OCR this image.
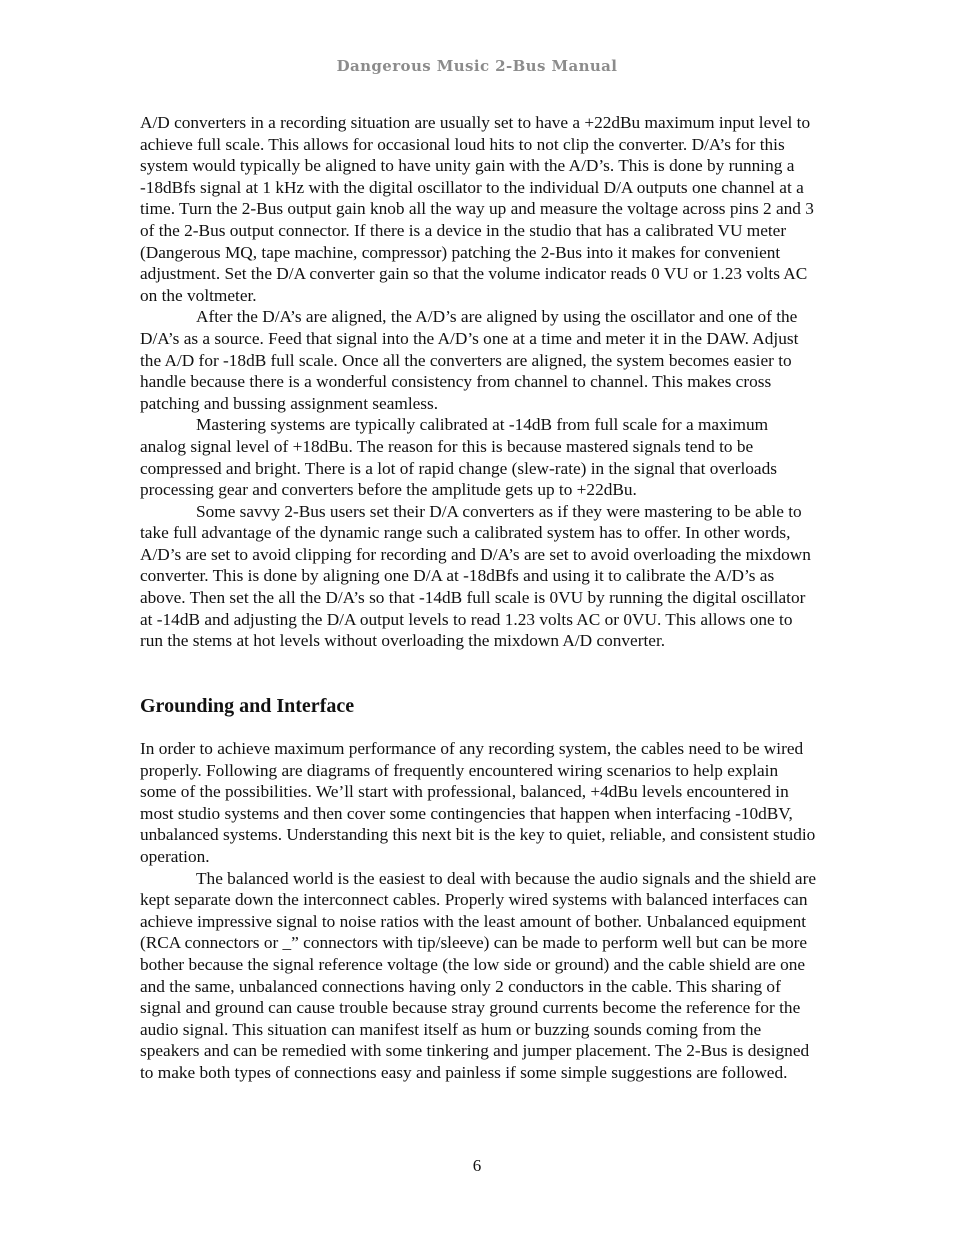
Dangerous Music 2-Bus Manual

A/D converters in a recording situation are usually set to have a +22dBu maximum input level to achieve full scale. This allows for occasional loud hits to not clip the converter. D/A’s for this system would typically be aligned to have unity gain with the A/D’s. This is done by running a -18dBfs signal at 1 kHz with the digital oscillator to the individual D/A outputs one channel at a time. Turn the 2-Bus output gain knob all the way up and measure the voltage across pins 2 and 3 of the 2-Bus output connector. If there is a device in the studio that has a calibrated VU meter (Dangerous MQ, tape machine, compressor) patching the 2-Bus into it makes for convenient adjustment. Set the D/A converter gain so that the volume indicator reads 0 VU or 1.23 volts AC on the voltmeter.

After the D/A’s are aligned, the A/D’s are aligned by using the oscillator and one of the D/A’s as a source. Feed that signal into the A/D’s one at a time and meter it in the DAW. Adjust the A/D for -18dB full scale. Once all the converters are aligned, the system becomes easier to handle because there is a wonderful consistency from channel to channel. This makes cross patching and bussing assignment seamless.

Mastering systems are typically calibrated at -14dB from full scale for a maximum analog signal level of +18dBu. The reason for this is because mastered signals tend to be compressed and bright. There is a lot of rapid change (slew-rate) in the signal that overloads processing gear and converters before the amplitude gets up to +22dBu.

Some savvy 2-Bus users set their D/A converters as if they were mastering to be able to take full advantage of the dynamic range such a calibrated system has to offer. In other words, A/D’s are set to avoid clipping for recording and D/A’s are set to avoid overloading the mixdown converter. This is done by aligning one D/A at -18dBfs and using it to calibrate the A/D’s as above. Then set the all the D/A’s so that -14dB full scale is 0VU by running the digital oscillator at -14dB and adjusting the D/A output levels to read 1.23 volts AC or 0VU. This allows one to run the stems at hot levels without overloading the mixdown A/D converter.

Grounding and Interface

In order to achieve maximum performance of any recording system, the cables need to be wired properly. Following are diagrams of frequently encountered wiring scenarios to help explain some of the possibilities. We’ll start with professional, balanced, +4dBu levels encountered in most studio systems and then cover some contingencies that happen when interfacing -10dBV, unbalanced systems. Understanding this next bit is the key to quiet, reliable, and consistent studio operation.

The balanced world is the easiest to deal with because the audio signals and the shield are kept separate down the interconnect cables. Properly wired systems with balanced interfaces can achieve impressive signal to noise ratios with the least amount of bother. Unbalanced equipment (RCA connectors or _” connectors with tip/sleeve) can be made to perform well but can be more bother because the signal reference voltage (the low side or ground) and the cable shield are one and the same, unbalanced connections having only 2 conductors in the cable. This sharing of signal and ground can cause trouble because stray ground currents become the reference for the audio signal. This situation can manifest itself as hum or buzzing sounds coming from the speakers and can be remedied with some tinkering and jumper placement. The 2-Bus is designed to make both types of connections easy and painless if some simple suggestions are followed.

6
